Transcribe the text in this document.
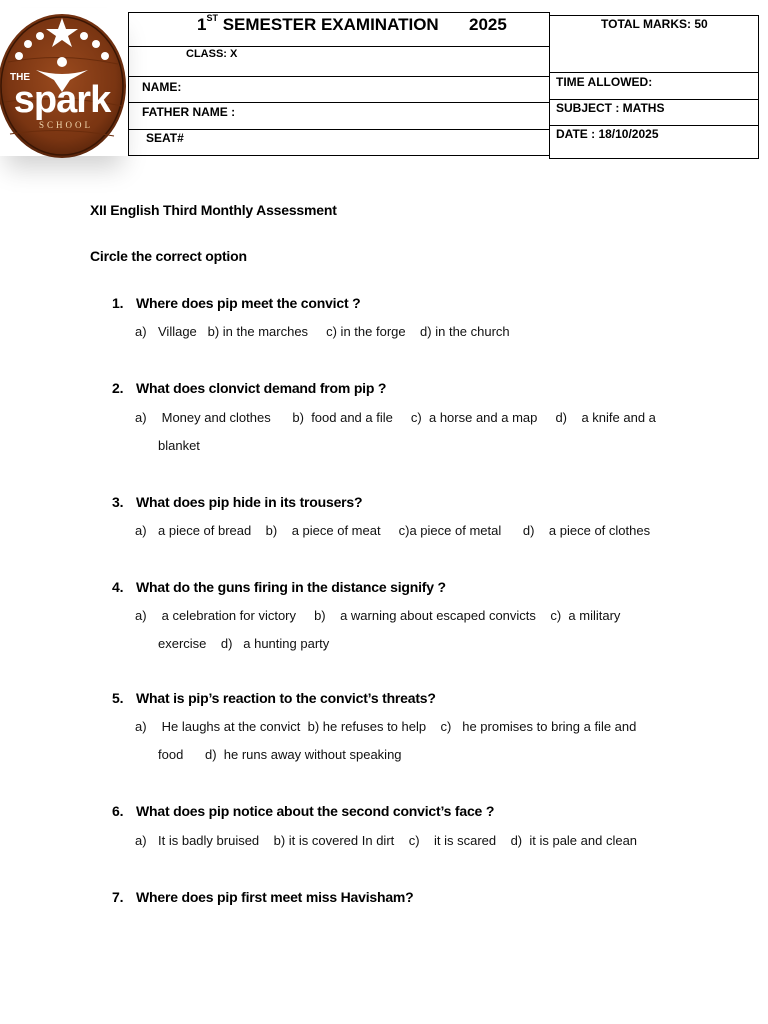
THE
spark
SCHOOL
1ST SEMESTER EXAMINATION 2025
CLASS: X
NAME:
FATHER NAME :
SEAT#
TOTAL MARKS: 50
TIME ALLOWED:
SUBJECT : MATHS
DATE : 18/10/2025
XII English Third Monthly Assessment
Circle the correct option
1. Where does pip meet the convict ?
a) Village   b) in the marches     c) in the forge    d) in the church
2. What does clonvict demand from pip ?
a) Money and clothes      b)  food and a file     c)  a horse and a map     d)    a knife and a
blanket
3. What does pip hide in its trousers?
a) a piece of bread    b)    a piece of meat     c)a piece of metal      d)    a piece of clothes
4. What do the guns firing in the distance signify ?
a) a celebration for victory     b)    a warning about escaped convicts    c)  a military
exercise    d)   a hunting party
5. What is pip’s reaction to the convict’s threats?
a) He laughs at the convict  b) he refuses to help    c)   he promises to bring a file and
food      d)  he runs away without speaking
6. What does pip notice about the second convict’s face ?
a) It is badly bruised    b) it is covered In dirt    c)    it is scared    d)  it is pale and clean
7. Where does pip first meet miss Havisham?
